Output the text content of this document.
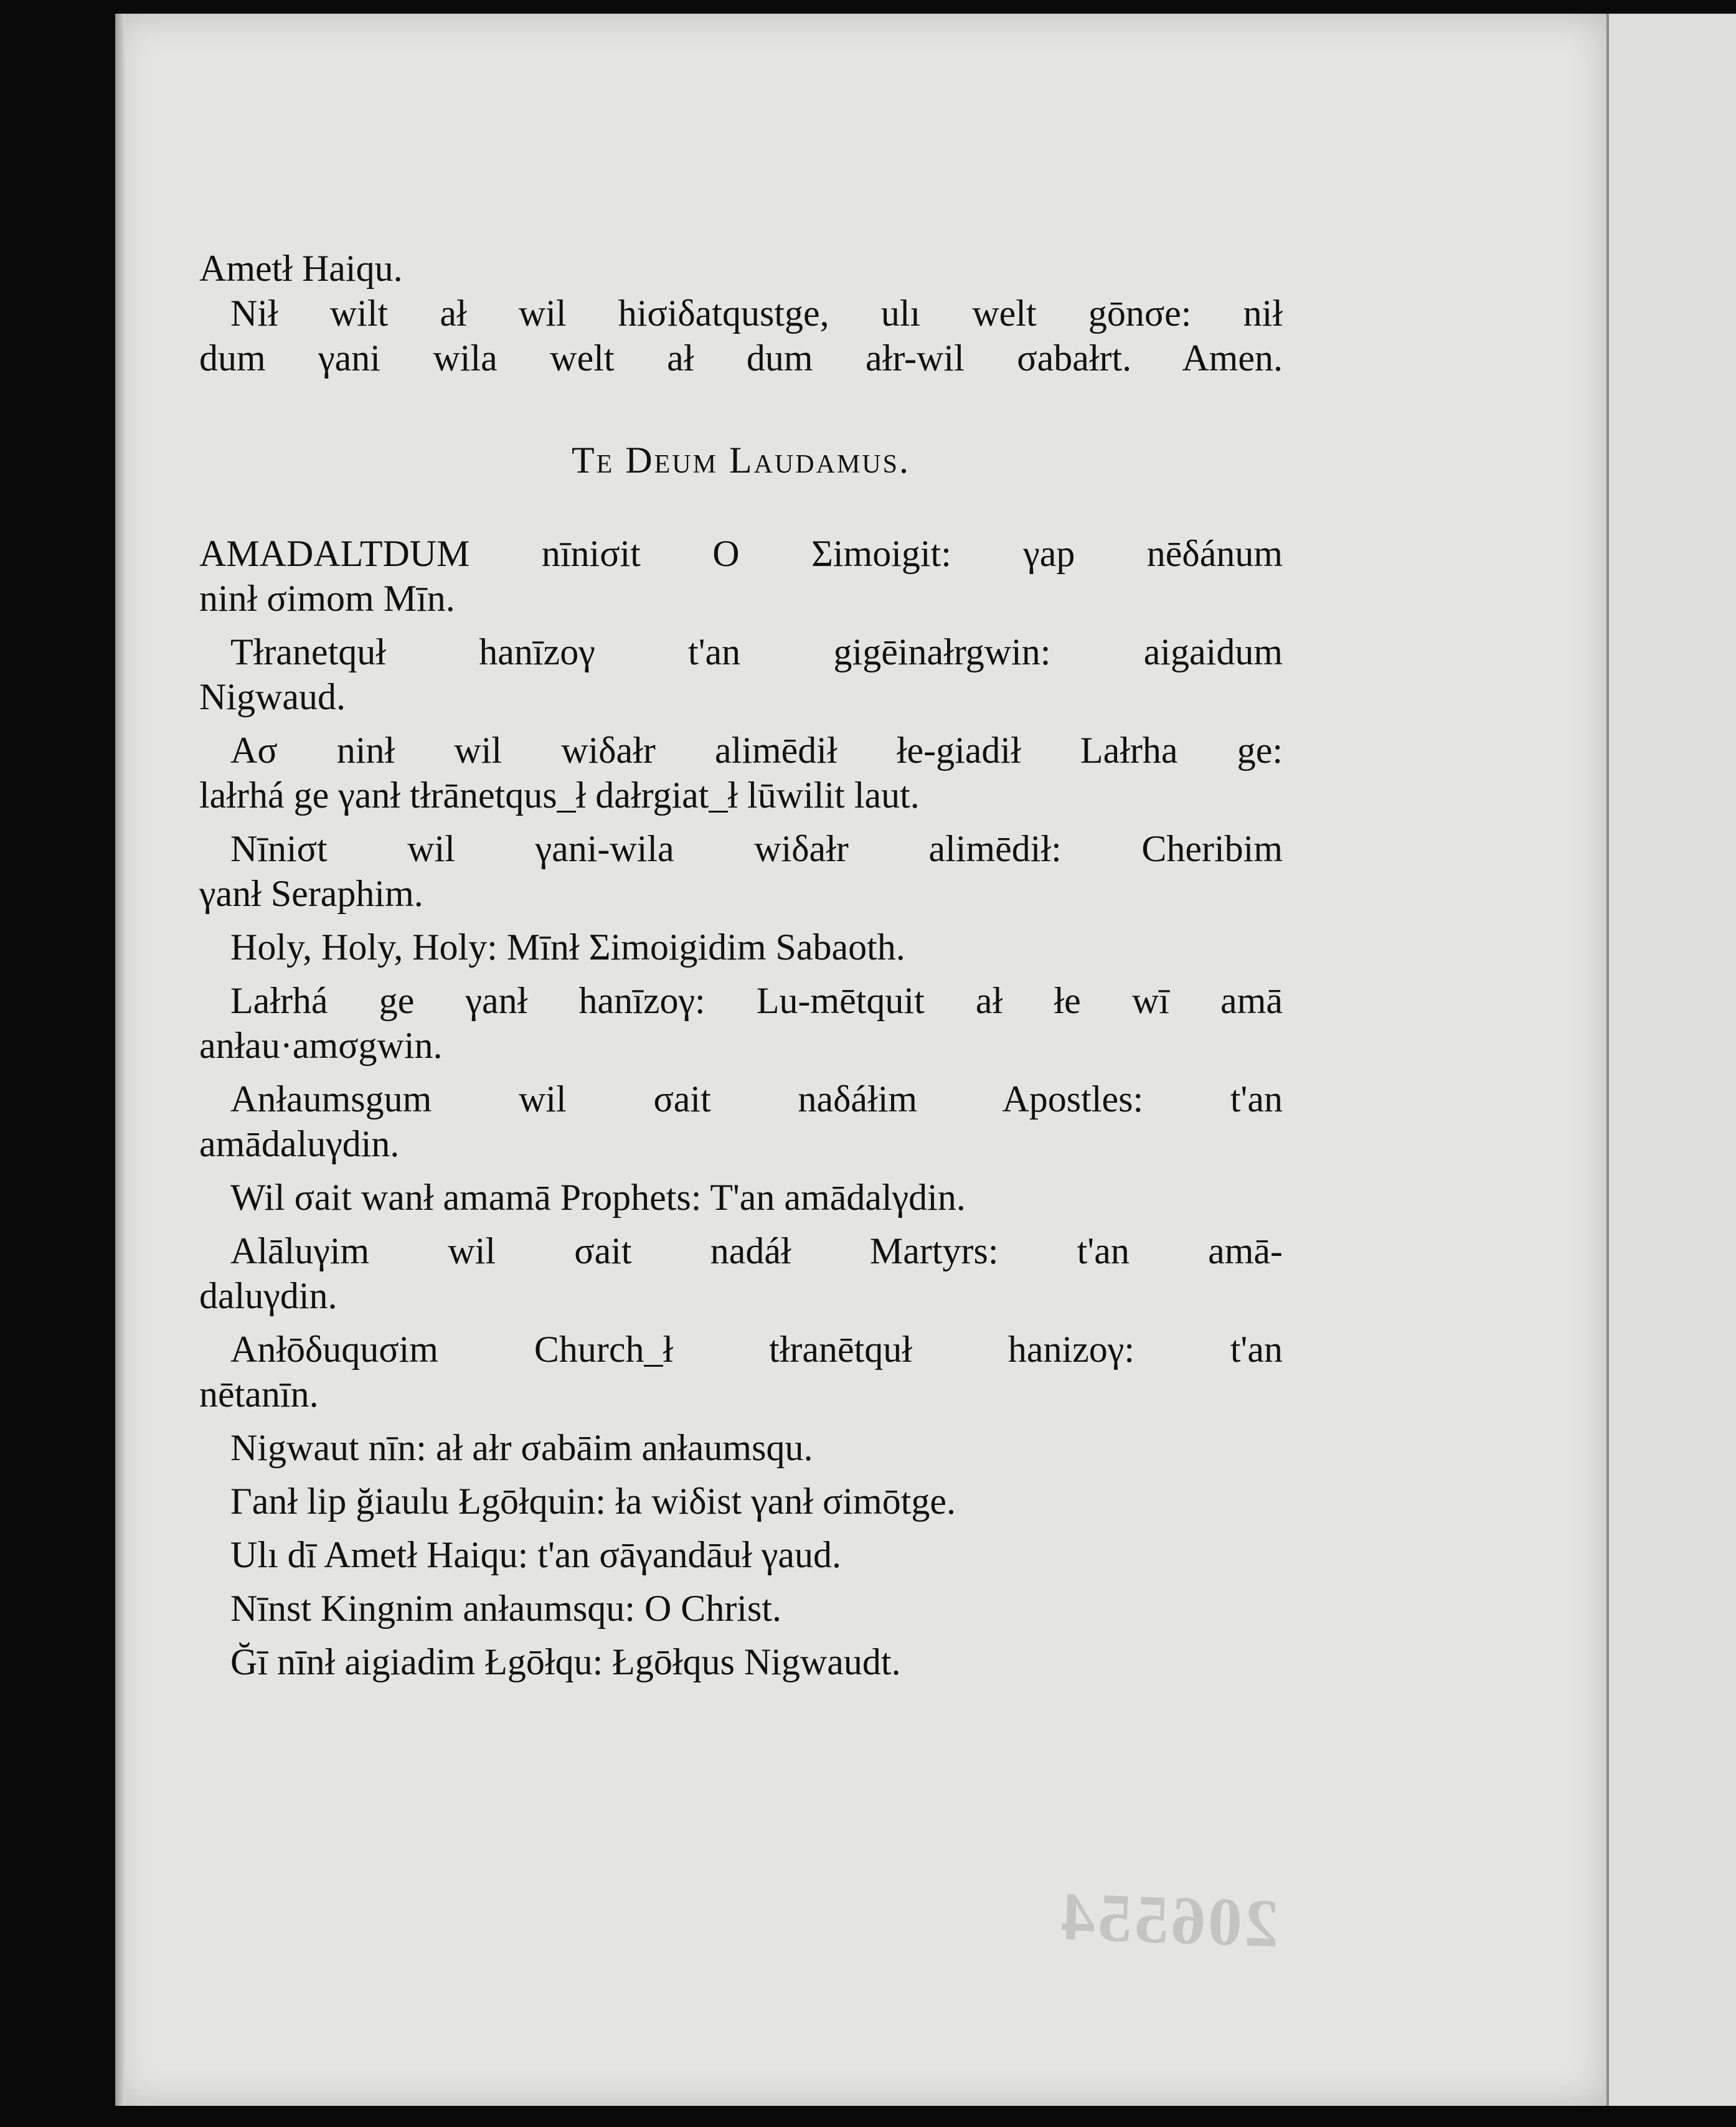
Ametł Haiqu.

Nił wilt ał wil hiσiδatqustge, ulı welt gōnσe: nił

dum γani wila welt ał dum ałr-wil σabałrt. Amen.

Te Deum Laudamus.

AMADALTDUM nīniσit O Σimoigit: γap nēδánum

ninł σimom Mīn.

Tłranetquł hanīzoγ t'an gigēinałrgwin: aigaidum

Nigwaud.

Aσ ninł wil wiδałr alimēdił łe-giadił Lałrha ge:

lałrhá ge γanł tłrānetqus_ł dałrgiat_ł lūwilit laut.

Nīniσt wil γani-wila wiδałr alimēdił: Cheribim

γanł Seraphim.

Holy, Holy, Holy: Mīnł Σimoigidim Sabaoth.

Lałrhá ge γanł hanīzoγ: Lu-mētquit ał łe wī amā

anłau·amσgwin.

Anłaumsgum wil σait naδáłim Apostles: t'an

amādaluγdin.

Wil σait wanł amamā Prophets: T'an amādalγdin.

Alāluγim wil σait nadáł Martyrs: t'an amā-

daluγdin.

Anłōδuquσim Church_ł tłranētquł hanizoγ: t'an

nētanīn.

Nigwaut nīn: ał ałr σabāim anłaumsqu.

Γanł lip ğiaulu Łgōłquin: ła wiδist γanł σimōtge.

Ulı dī Ametł Haiqu: t'an σāγandāuł γaud.

Nīnst Kingnim anłaumsqu: O Christ.

Ğī nīnł aigiadim Łgōłqu: Łgōłqus Nigwaudt.

206554
